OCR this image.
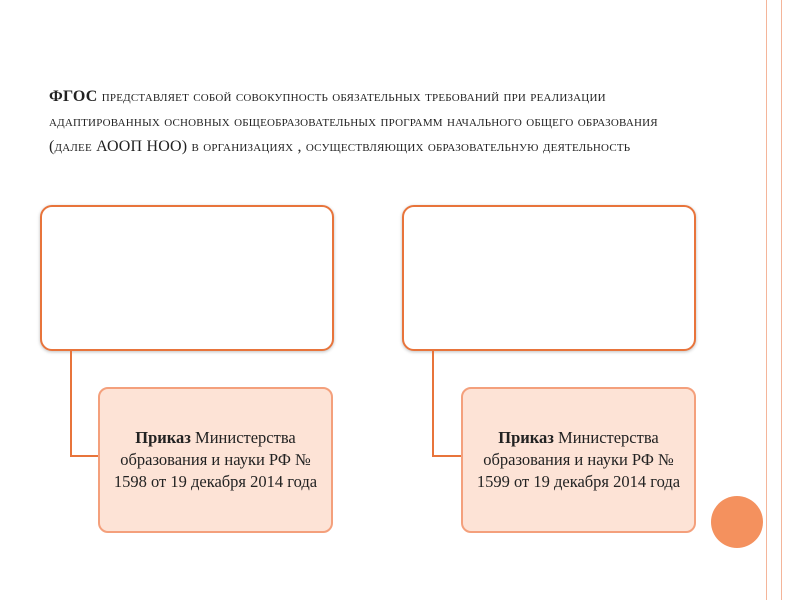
ФГОС представляет собой совокупность обязательных требований при реализации адаптированных основных общеобразовательных программ начального общего образования (далее АООП НОО) в организациях , осуществляющих образовательную деятельность
Приказ Министерства образования и науки РФ № 1598 от 19 декабря 2014 года
Приказ Министерства образования и науки РФ № 1599 от 19 декабря 2014 года
